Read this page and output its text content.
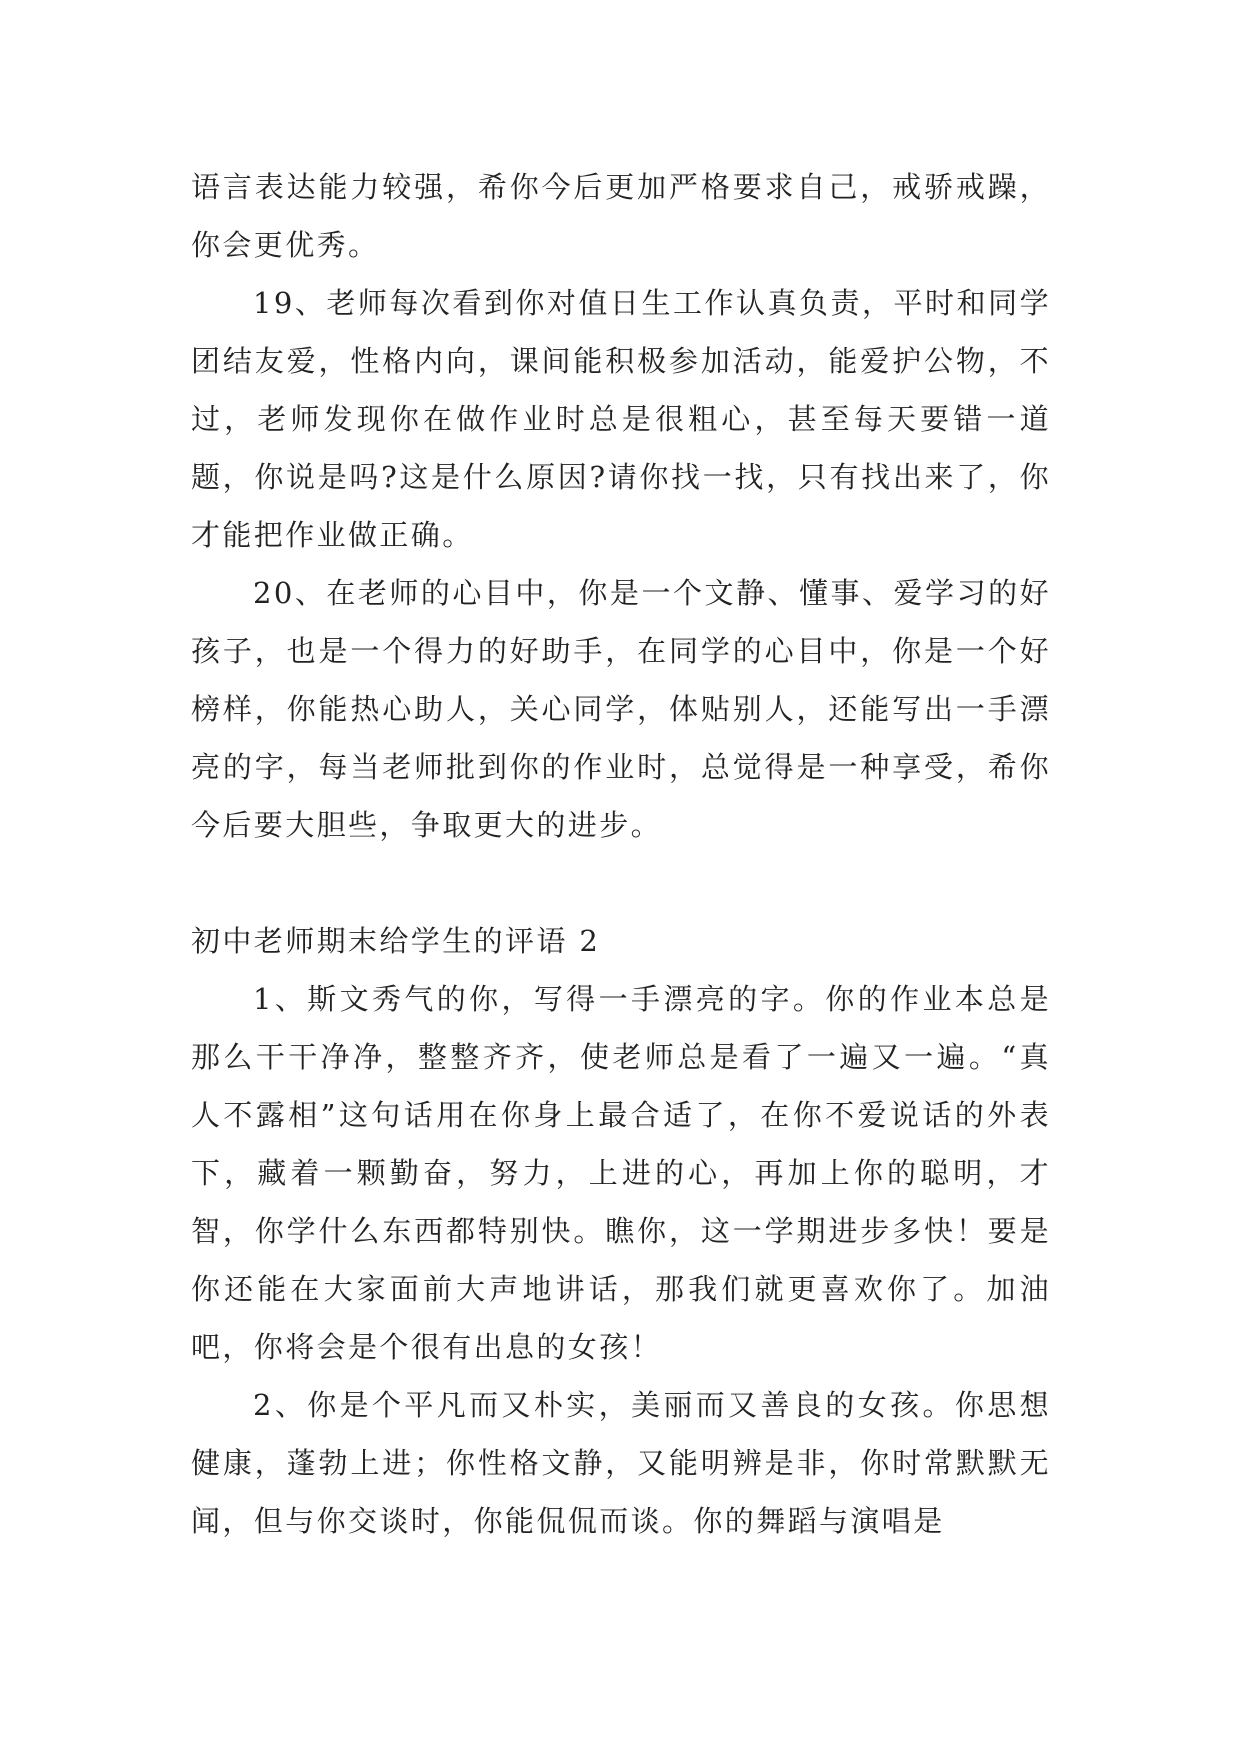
语言表达能力较强，希你今后更加严格要求自己，戒骄戒躁，你会更优秀。

19、老师每次看到你对值日生工作认真负责，平时和同学团结友爱，性格内向，课间能积极参加活动，能爱护公物，不过，老师发现你在做作业时总是很粗心，甚至每天要错一道题，你说是吗?这是什么原因?请你找一找，只有找出来了，你才能把作业做正确。

20、在老师的心目中，你是一个文静、懂事、爱学习的好孩子，也是一个得力的好助手，在同学的心目中，你是一个好榜样，你能热心助人，关心同学，体贴别人，还能写出一手漂亮的字，每当老师批到你的作业时，总觉得是一种享受，希你今后要大胆些，争取更大的进步。

初中老师期末给学生的评语 2

1、斯文秀气的你，写得一手漂亮的字。你的作业本总是那么干干净净，整整齐齐，使老师总是看了一遍又一遍。“真人不露相”这句话用在你身上最合适了，在你不爱说话的外表下，藏着一颗勤奋，努力，上进的心，再加上你的聪明，才智，你学什么东西都特别快。瞧你，这一学期进步多快！要是你还能在大家面前大声地讲话，那我们就更喜欢你了。加油吧，你将会是个很有出息的女孩！

2、你是个平凡而又朴实，美丽而又善良的女孩。你思想健康，蓬勃上进；你性格文静，又能明辨是非，你时常默默无闻，但与你交谈时，你能侃侃而谈。你的舞蹈与演唱是
